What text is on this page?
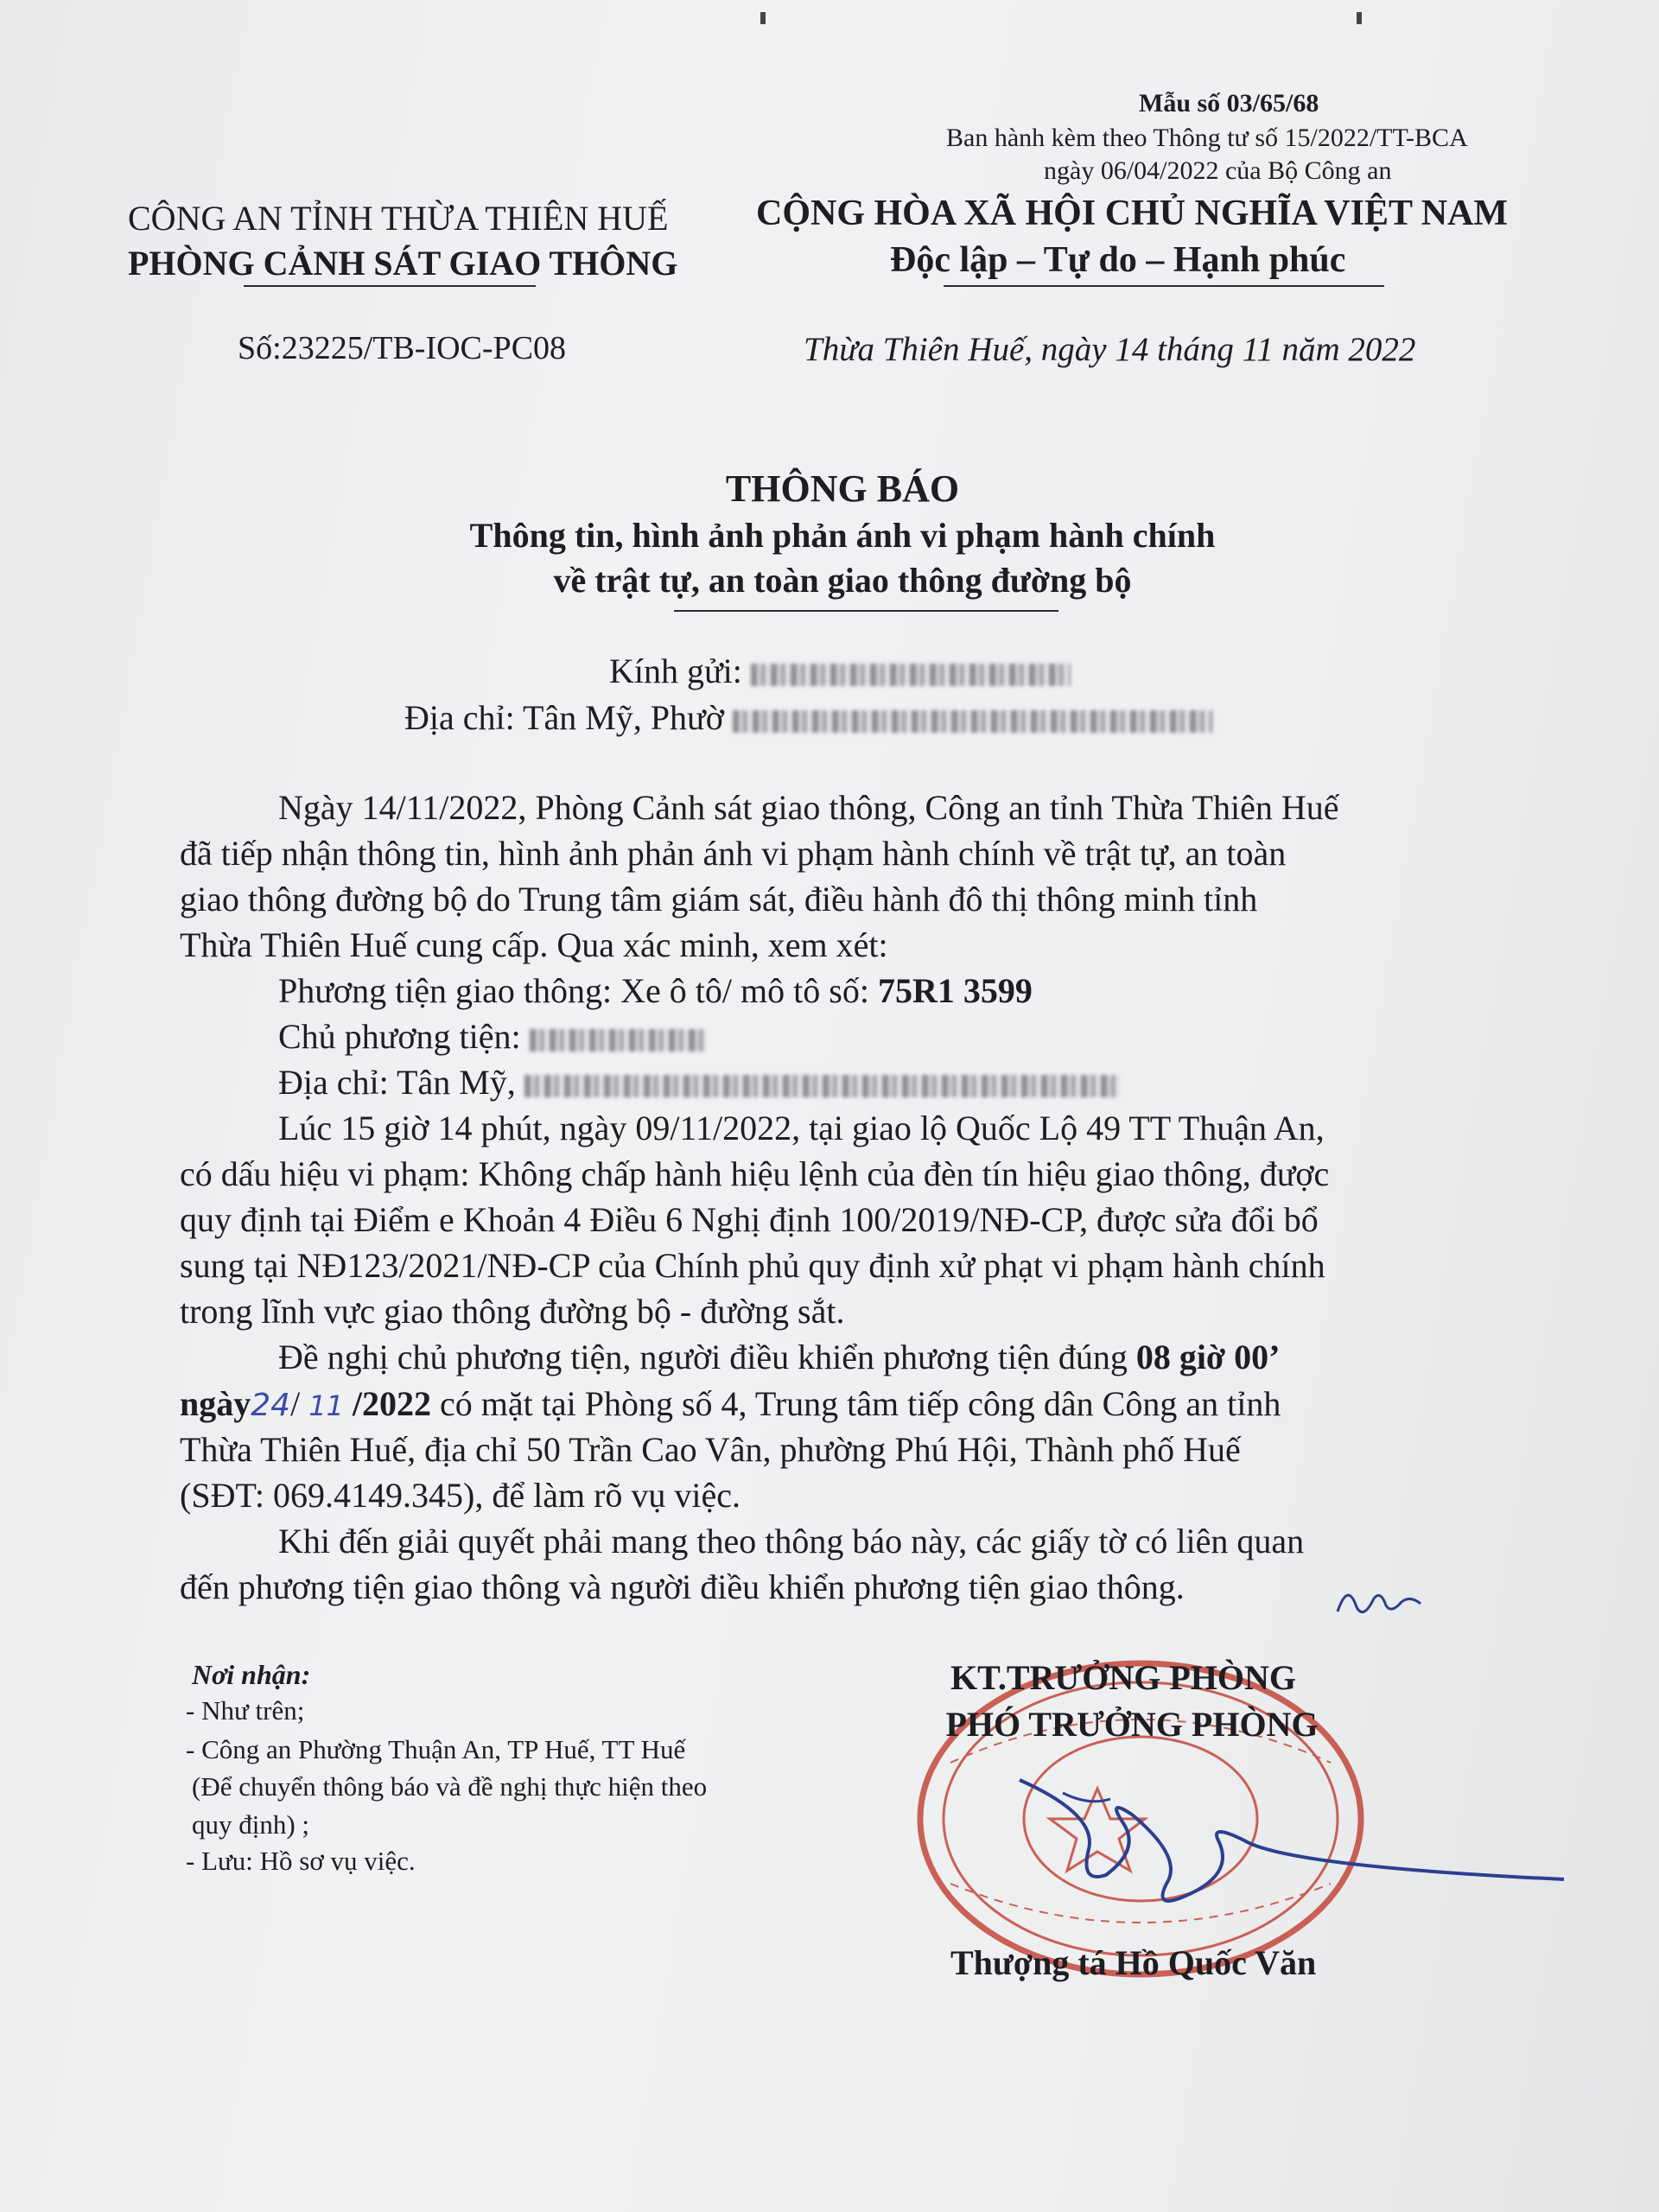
Mẫu số 03/65/68
Ban hành kèm theo Thông tư số 15/2022/TT-BCA
ngày 06/04/2022 của Bộ Công an
CÔNG AN TỈNH THỪA THIÊN HUẾ
PHÒNG CẢNH SÁT GIAO THÔNG
Số:23225/TB-IOC-PC08
CỘNG HÒA XÃ HỘI CHỦ NGHĨA VIỆT NAM
Độc lập – Tự do – Hạnh phúc
Thừa Thiên Huế, ngày 14 tháng 11 năm 2022
THÔNG BÁO
Thông tin, hình ảnh phản ánh vi phạm hành chính
về trật tự, an toàn giao thông đường bộ
Kính gửi:
Địa chỉ: Tân Mỹ, Phườ
Ngày 14/11/2022, Phòng Cảnh sát giao thông, Công an tỉnh Thừa Thiên Huế
đã tiếp nhận thông tin, hình ảnh phản ánh vi phạm hành chính về trật tự, an toàn
giao thông đường bộ do Trung tâm giám sát, điều hành đô thị thông minh tỉnh
Thừa Thiên Huế cung cấp. Qua xác minh, xem xét:
Phương tiện giao thông: Xe ô tô/ mô tô số: 75R1 3599
Chủ phương tiện:
Địa chỉ: Tân Mỹ,
Lúc 15 giờ 14 phút, ngày 09/11/2022, tại giao lộ Quốc Lộ 49 TT Thuận An,
có dấu hiệu vi phạm: Không chấp hành hiệu lệnh của đèn tín hiệu giao thông, được
quy định tại Điểm e Khoản 4 Điều 6 Nghị định 100/2019/NĐ-CP, được sửa đổi bổ
sung tại NĐ123/2021/NĐ-CP của Chính phủ quy định xử phạt vi phạm hành chính
trong lĩnh vực giao thông đường bộ - đường sắt.
Đề nghị chủ phương tiện, người điều khiển phương tiện đúng 08 giờ 00’
ngày24/ 11 /2022 có mặt tại Phòng số 4, Trung tâm tiếp công dân Công an tỉnh
Thừa Thiên Huế, địa chỉ 50 Trần Cao Vân, phường Phú Hội, Thành phố Huế
(SĐT: 069.4149.345), để làm rõ vụ việc.
Khi đến giải quyết phải mang theo thông báo này, các giấy tờ có liên quan
đến phương tiện giao thông và người điều khiển phương tiện giao thông.
Nơi nhận:
- Như trên;
- Công an Phường Thuận An, TP Huế, TT Huế
(Để chuyển thông báo và đề nghị thực hiện theo
quy định) ;
- Lưu: Hồ sơ vụ việc.
KT.TRƯỞNG PHÒNG
PHÓ TRƯỞNG PHÒNG
Thượng tá Hồ Quốc Văn
